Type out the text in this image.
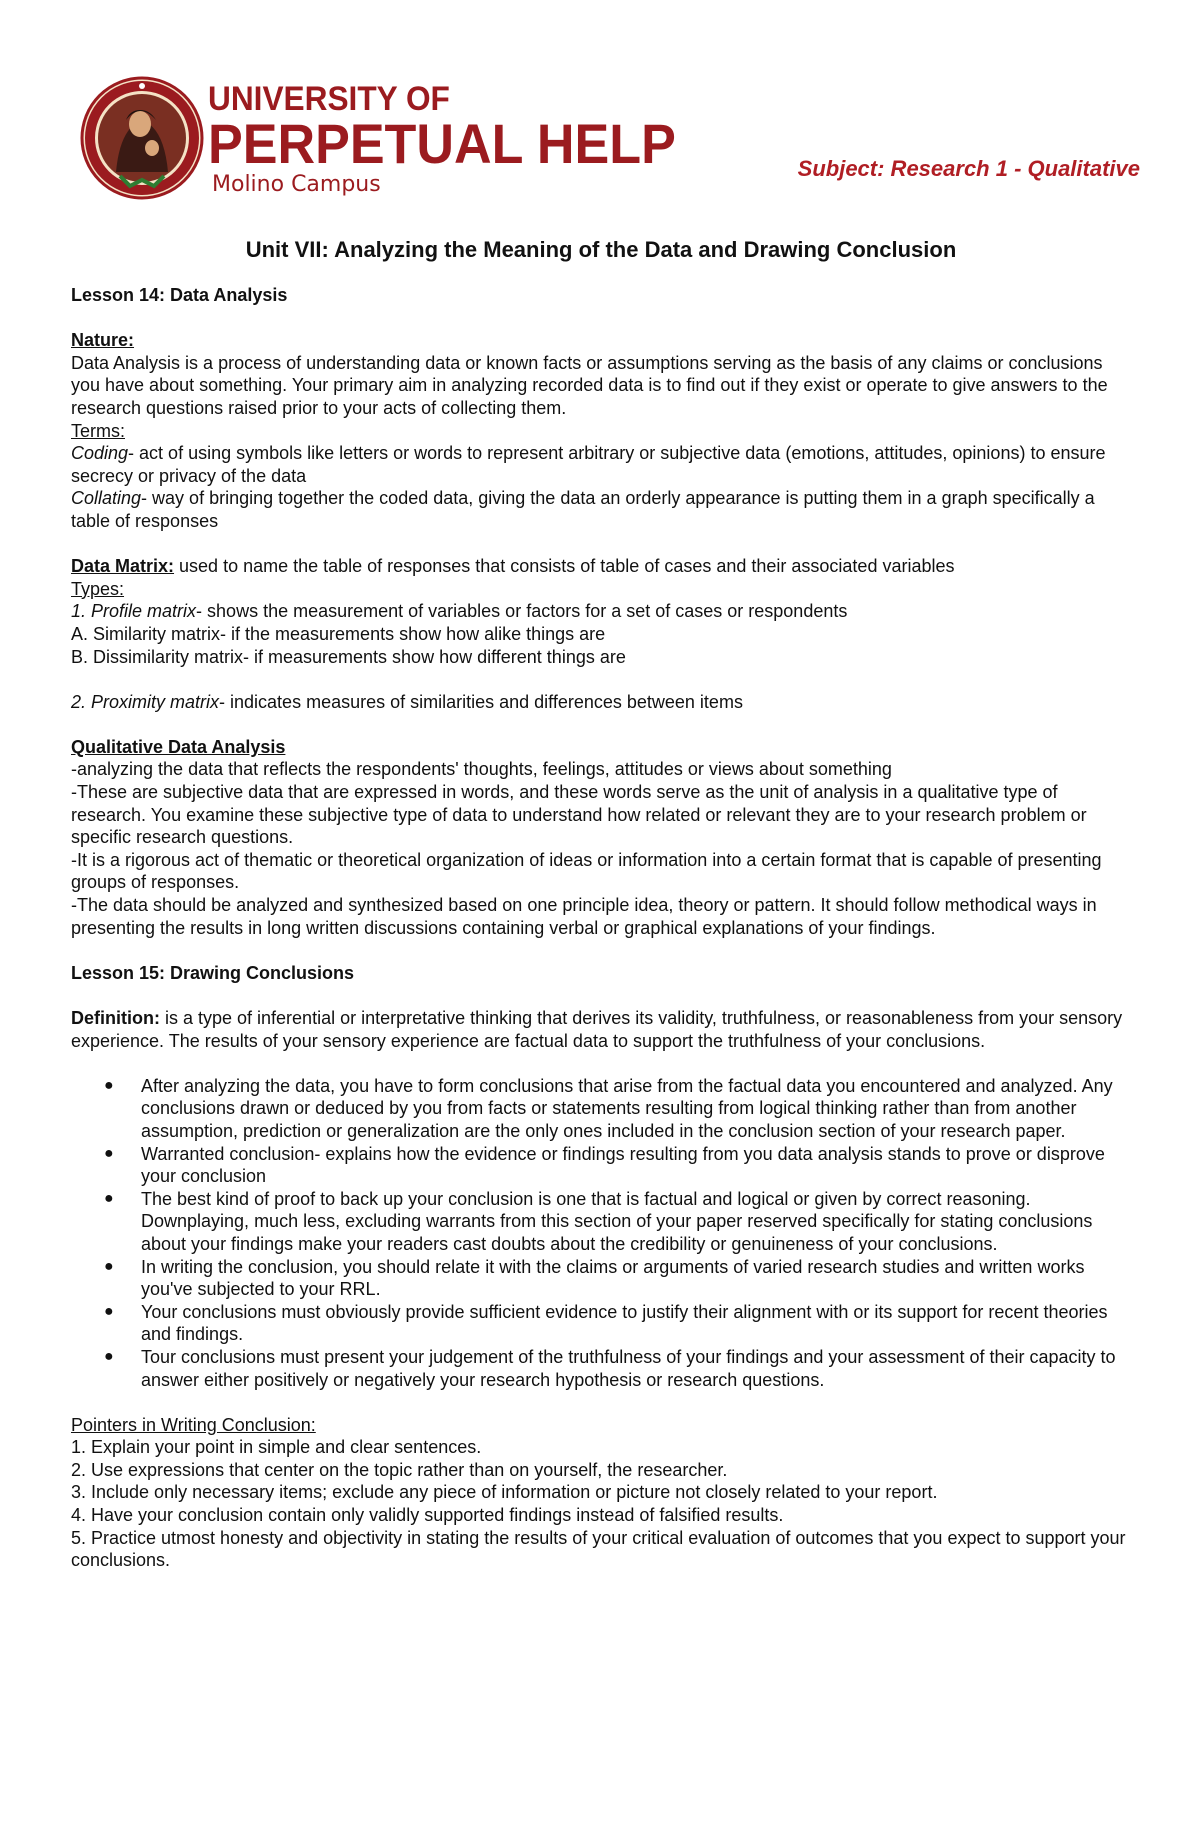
UNIVERSITY OF
PERPETUAL HELP
Molino Campus
Subject: Research 1 - Qualitative
Unit VII: Analyzing the Meaning of the Data and Drawing Conclusion

Lesson 14: Data Analysis

Nature:

Data Analysis is a process of understanding data or known facts or assumptions serving as the basis of any claims or conclusions you have about something. Your primary aim in analyzing recorded data is to find out if they exist or operate to give answers to the research questions raised prior to your acts of collecting them.

Terms:

Coding- act of using symbols like letters or words to represent arbitrary or subjective data (emotions, attitudes, opinions) to ensure secrecy or privacy of the data

Collating- way of bringing together the coded data, giving the data an orderly appearance is putting them in a graph specifically a table of responses

Data Matrix: used to name the table of responses that consists of table of cases and their associated variables

Types:

1. Profile matrix- shows the measurement of variables or factors for a set of cases or respondents

A. Similarity matrix- if the measurements show how alike things are

B. Dissimilarity matrix- if measurements show how different things are

2. Proximity matrix- indicates measures of similarities and differences between items

Qualitative Data Analysis

-analyzing the data that reflects the respondents' thoughts, feelings, attitudes or views about something

-These are subjective data that are expressed in words, and these words serve as the unit of analysis in a qualitative type of research. You examine these subjective type of data to understand how related or relevant they are to your research problem or specific research questions.

-It is a rigorous act of thematic or theoretical organization of ideas or information into a certain format that is capable of presenting groups of responses.

-The data should be analyzed and synthesized based on one principle idea, theory or pattern. It should follow methodical ways in presenting the results in long written discussions containing verbal or graphical explanations of your findings.

Lesson 15: Drawing Conclusions

Definition: is a type of inferential or interpretative thinking that derives its validity, truthfulness, or reasonableness from your sensory experience. The results of your sensory experience are factual data to support the truthfulness of your conclusions.

● After analyzing the data, you have to form conclusions that arise from the factual data you encountered and analyzed. Any conclusions drawn or deduced by you from facts or statements resulting from logical thinking rather than from another assumption, prediction or generalization are the only ones included in the conclusion section of your research paper.
● Warranted conclusion- explains how the evidence or findings resulting from you data analysis stands to prove or disprove your conclusion
● The best kind of proof to back up your conclusion is one that is factual and logical or given by correct reasoning. Downplaying, much less, excluding warrants from this section of your paper reserved specifically for stating conclusions about your findings make your readers cast doubts about the credibility or genuineness of your conclusions.
● In writing the conclusion, you should relate it with the claims or arguments of varied research studies and written works you've subjected to your RRL.
● Your conclusions must obviously provide sufficient evidence to justify their alignment with or its support for recent theories and findings.
● Tour conclusions must present your judgement of the truthfulness of your findings and your assessment of their capacity to answer either positively or negatively your research hypothesis or research questions.

Pointers in Writing Conclusion:

1. Explain your point in simple and clear sentences.

2. Use expressions that center on the topic rather than on yourself, the researcher.

3. Include only necessary items; exclude any piece of information or picture not closely related to your report.

4. Have your conclusion contain only validly supported findings instead of falsified results.

5. Practice utmost honesty and objectivity in stating the results of your critical evaluation of outcomes that you expect to support your conclusions.
